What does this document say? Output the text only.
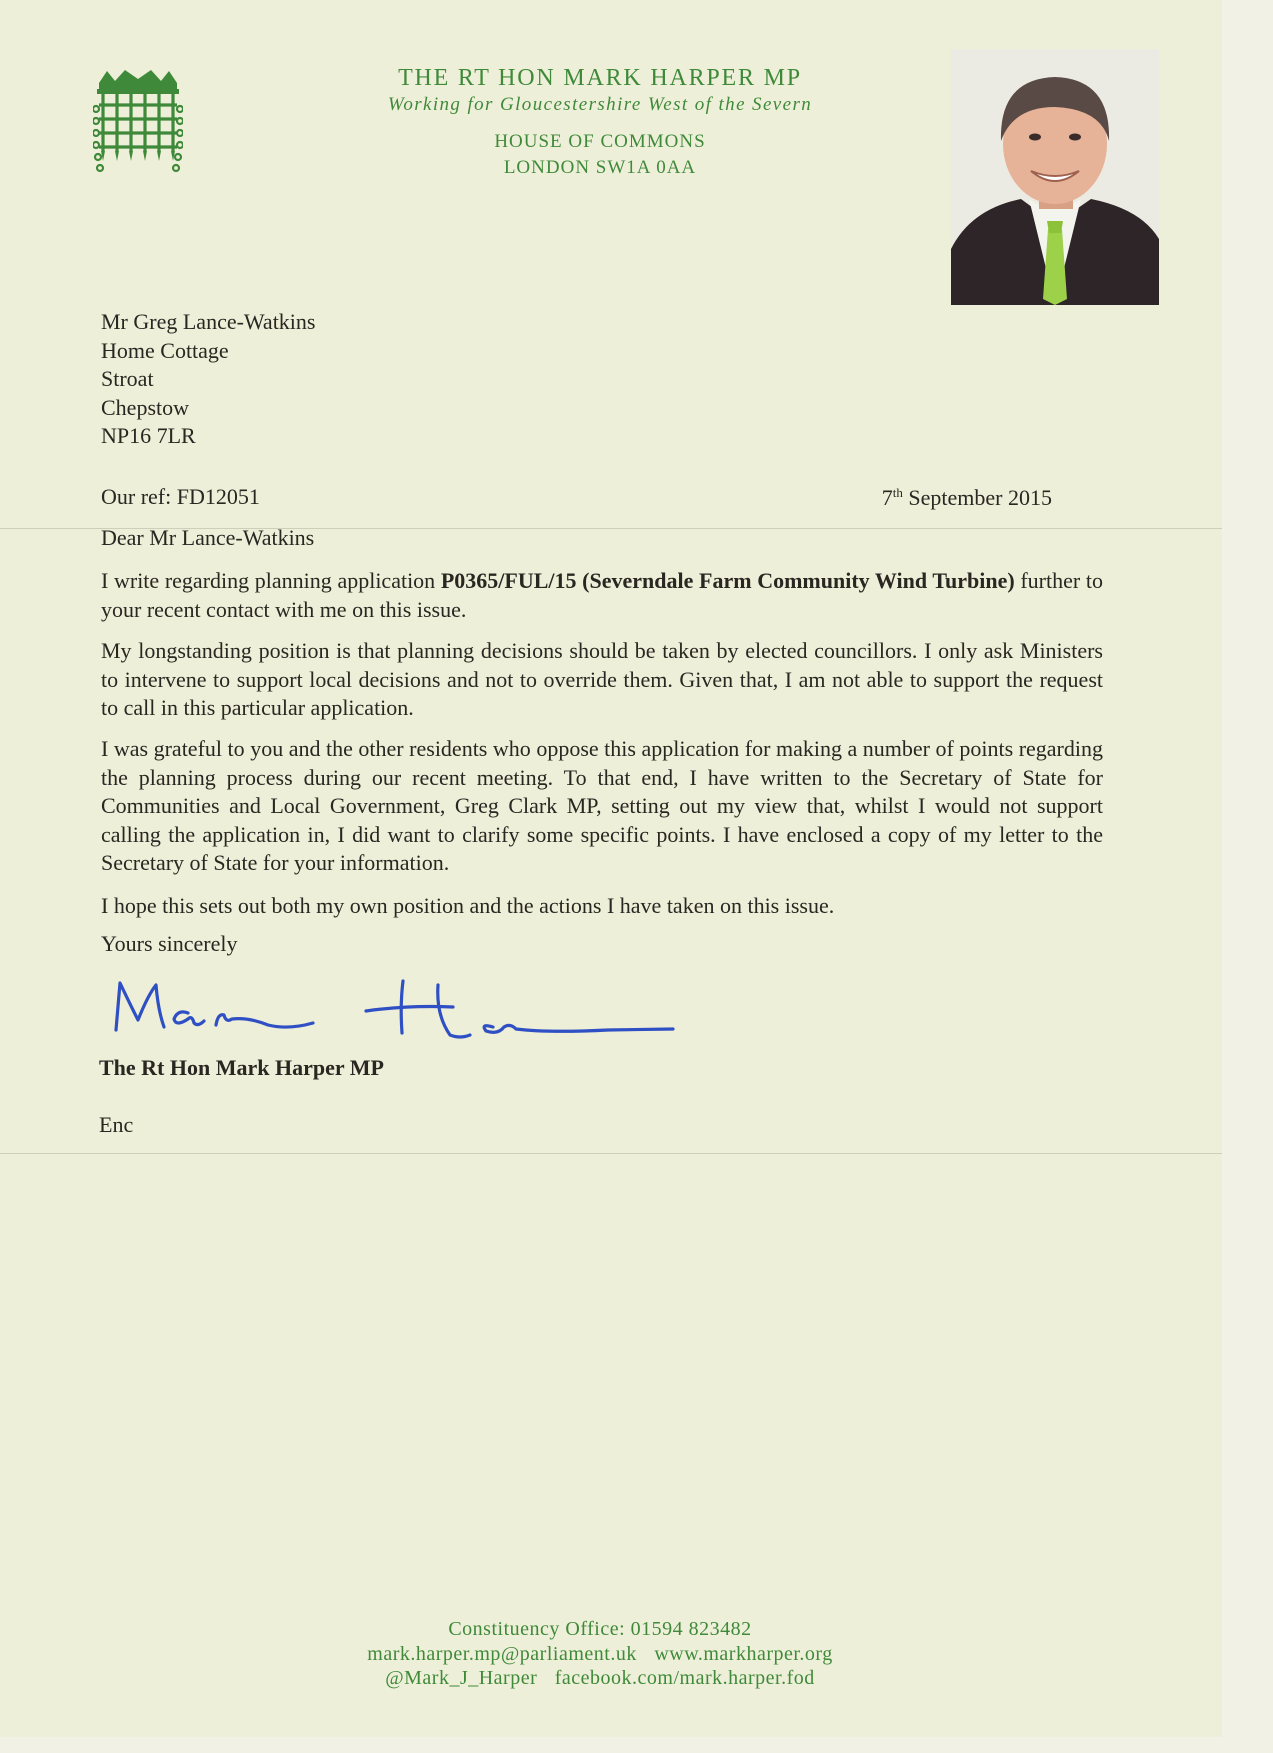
THE RT HON MARK HARPER MP
Working for Gloucestershire West of the Severn
HOUSE OF COMMONS
LONDON SW1A 0AA
Mr Greg Lance-Watkins
Home Cottage
Stroat
Chepstow
NP16 7LR
Our ref: FD12051	7th September 2015
Dear Mr Lance-Watkins
I write regarding planning application P0365/FUL/15 (Severndale Farm Community Wind Turbine) further to your recent contact with me on this issue.
My longstanding position is that planning decisions should be taken by elected councillors. I only ask Ministers to intervene to support local decisions and not to override them. Given that, I am not able to support the request to call in this particular application.
I was grateful to you and the other residents who oppose this application for making a number of points regarding the planning process during our recent meeting. To that end, I have written to the Secretary of State for Communities and Local Government, Greg Clark MP, setting out my view that, whilst I would not support calling the application in, I did want to clarify some specific points. I have enclosed a copy of my letter to the Secretary of State for your information.
I hope this sets out both my own position and the actions I have taken on this issue.
Yours sincerely
The Rt Hon Mark Harper MP
Enc
Constituency Office: 01594 823482
mark.harper.mp@parliament.uk www.markharper.org
@Mark_J_Harper facebook.com/mark.harper.fod
